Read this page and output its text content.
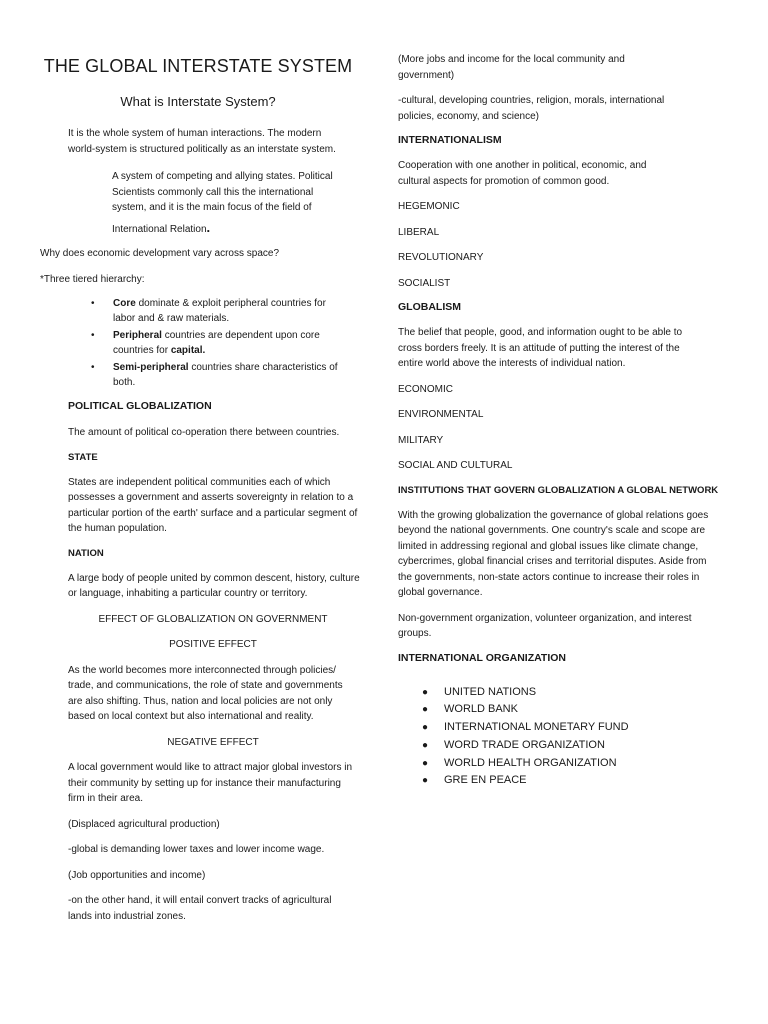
THE GLOBAL INTERSTATE SYSTEM

What is Interstate System?

It is the whole system of human interactions. The modern world-system is structured politically as an interstate system.

A system of competing and allying states. Political Scientists commonly call this the international system, and it is the main focus of the field of

International Relation.

Why does economic development vary across space?

*Three tiered hierarchy:

• Core dominate & exploit peripheral countries for labor and & raw materials.
• Peripheral countries are dependent upon core countries for capital.
• Semi-peripheral countries share characteristics of both.

POLITICAL GLOBALIZATION

The amount of political co-operation there between countries.

STATE

States are independent political communities each of which possesses a government and asserts sovereignty in relation to a particular portion of the earth' surface and a particular segment of the human population.

NATION

A large body of people united by common descent, history, culture or language, inhabiting a particular country or territory.

EFFECT OF GLOBALIZATION ON GOVERNMENT

POSITIVE EFFECT

As the world becomes more interconnected through policies/ trade, and communications, the role of state and governments are also shifting. Thus, nation and local policies are not only based on local context but also international and reality.

NEGATIVE EFFECT

A local government would like to attract major global investors in their community by setting up for instance their manufacturing firm in their area.

(Displaced agricultural production)

-global is demanding lower taxes and lower income wage.

(Job opportunities and income)

-on the other hand, it will entail convert tracks of agricultural lands into industrial zones.

(More jobs and income for the local community and government)

-cultural, developing countries, religion, morals, international policies, economy, and science)

INTERNATIONALISM

Cooperation with one another in political, economic, and cultural aspects for promotion of common good.

HEGEMONIC

LIBERAL

REVOLUTIONARY

SOCIALIST

GLOBALISM

The belief that people, good, and information ought to be able to cross borders freely. It is an attitude of putting the interest of the entire world above the interests of individual nation.

ECONOMIC

ENVIRONMENTAL

MILITARY

SOCIAL AND CULTURAL

INSTITUTIONS THAT GOVERN GLOBALIZATION A GLOBAL NETWORK

With the growing globalization the governance of global relations goes beyond the national governments. One country's scale and scope are limited in addressing regional and global issues like climate change, cybercrimes, global financial crises and territorial disputes. Aside from the governments, non-state actors continue to increase their roles in global governance.

Non-government organization, volunteer organization, and interest groups.

INTERNATIONAL ORGANIZATION

● UNITED NATIONS
● WORLD BANK
● INTERNATIONAL MONETARY FUND
● WORD TRADE ORGANIZATION
● WORLD HEALTH ORGANIZATION
● GRE EN PEACE
